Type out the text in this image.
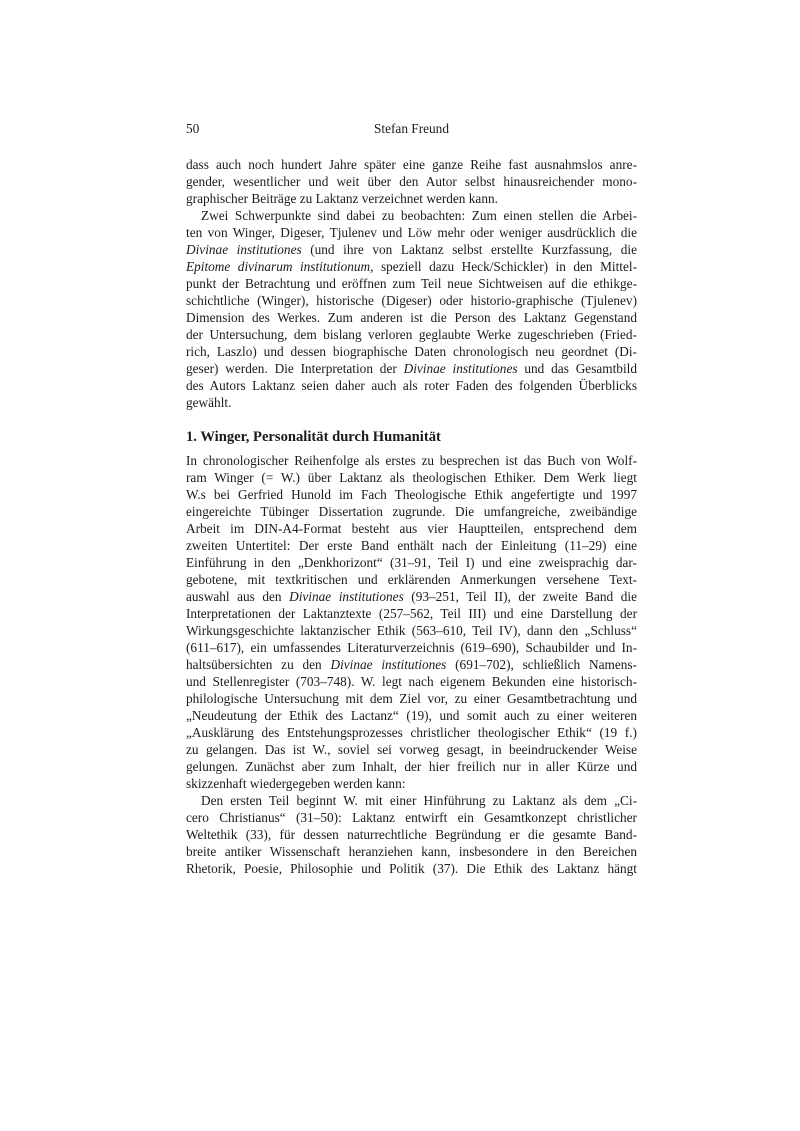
50	Stefan Freund
dass auch noch hundert Jahre später eine ganze Reihe fast ausnahmslos anre-
gender, wesentlicher und weit über den Autor selbst hinausreichender mono-
graphischer Beiträge zu Laktanz verzeichnet werden kann.
Zwei Schwerpunkte sind dabei zu beobachten: Zum einen stellen die Arbei-
ten von Winger, Digeser, Tjulenev und Löw mehr oder weniger ausdrücklich die
Divinae institutiones (und ihre von Laktanz selbst erstellte Kurzfassung, die
Epitome divinarum institutionum, speziell dazu Heck/Schickler) in den Mittel-
punkt der Betrachtung und eröffnen zum Teil neue Sichtweisen auf die ethikge-
schichtliche (Winger), historische (Digeser) oder historio-graphische (Tjulenev)
Dimension des Werkes. Zum anderen ist die Person des Laktanz Gegenstand
der Untersuchung, dem bislang verloren geglaubte Werke zugeschrieben (Fried-
rich, Laszlo) und dessen biographische Daten chronologisch neu geordnet (Di-
geser) werden. Die Interpretation der Divinae institutiones und das Gesamtbild
des Autors Laktanz seien daher auch als roter Faden des folgenden Überblicks
gewählt.
1. Winger, Personalität durch Humanität
In chronologischer Reihenfolge als erstes zu besprechen ist das Buch von Wolf-
ram Winger (= W.) über Laktanz als theologischen Ethiker. Dem Werk liegt
W.s bei Gerfried Hunold im Fach Theologische Ethik angefertigte und 1997
eingereichte Tübinger Dissertation zugrunde. Die umfangreiche, zweibändige
Arbeit im DIN-A4-Format besteht aus vier Hauptteilen, entsprechend dem
zweiten Untertitel: Der erste Band enthält nach der Einleitung (11–29) eine
Einführung in den „Denkhorizont“ (31–91, Teil I) und eine zweisprachig dar-
gebotene, mit textkritischen und erklärenden Anmerkungen versehene Text-
auswahl aus den Divinae institutiones (93–251, Teil II), der zweite Band die
Interpretationen der Laktanztexte (257–562, Teil III) und eine Darstellung der
Wirkungsgeschichte laktanzischer Ethik (563–610, Teil IV), dann den „Schluss“
(611–617), ein umfassendes Literaturverzeichnis (619–690), Schaubilder und In-
haltsübersichten zu den Divinae institutiones (691–702), schließlich Namens-
und Stellenregister (703–748). W. legt nach eigenem Bekunden eine historisch-
philologische Untersuchung mit dem Ziel vor, zu einer Gesamtbetrachtung und
„Neudeutung der Ethik des Lactanz“ (19), und somit auch zu einer weiteren
„Ausklärung des Entstehungsprozesses christlicher theologischer Ethik“ (19 f.)
zu gelangen. Das ist W., soviel sei vorweg gesagt, in beeindruckender Weise
gelungen. Zunächst aber zum Inhalt, der hier freilich nur in aller Kürze und
skizzenhaft wiedergegeben werden kann:
Den ersten Teil beginnt W. mit einer Hinführung zu Laktanz als dem „Ci-
cero Christianus“ (31–50): Laktanz entwirft ein Gesamtkonzept christlicher
Weltethik (33), für dessen naturrechtliche Begründung er die gesamte Band-
breite antiker Wissenschaft heranziehen kann, insbesondere in den Bereichen
Rhetorik, Poesie, Philosophie und Politik (37). Die Ethik des Laktanz hängt
